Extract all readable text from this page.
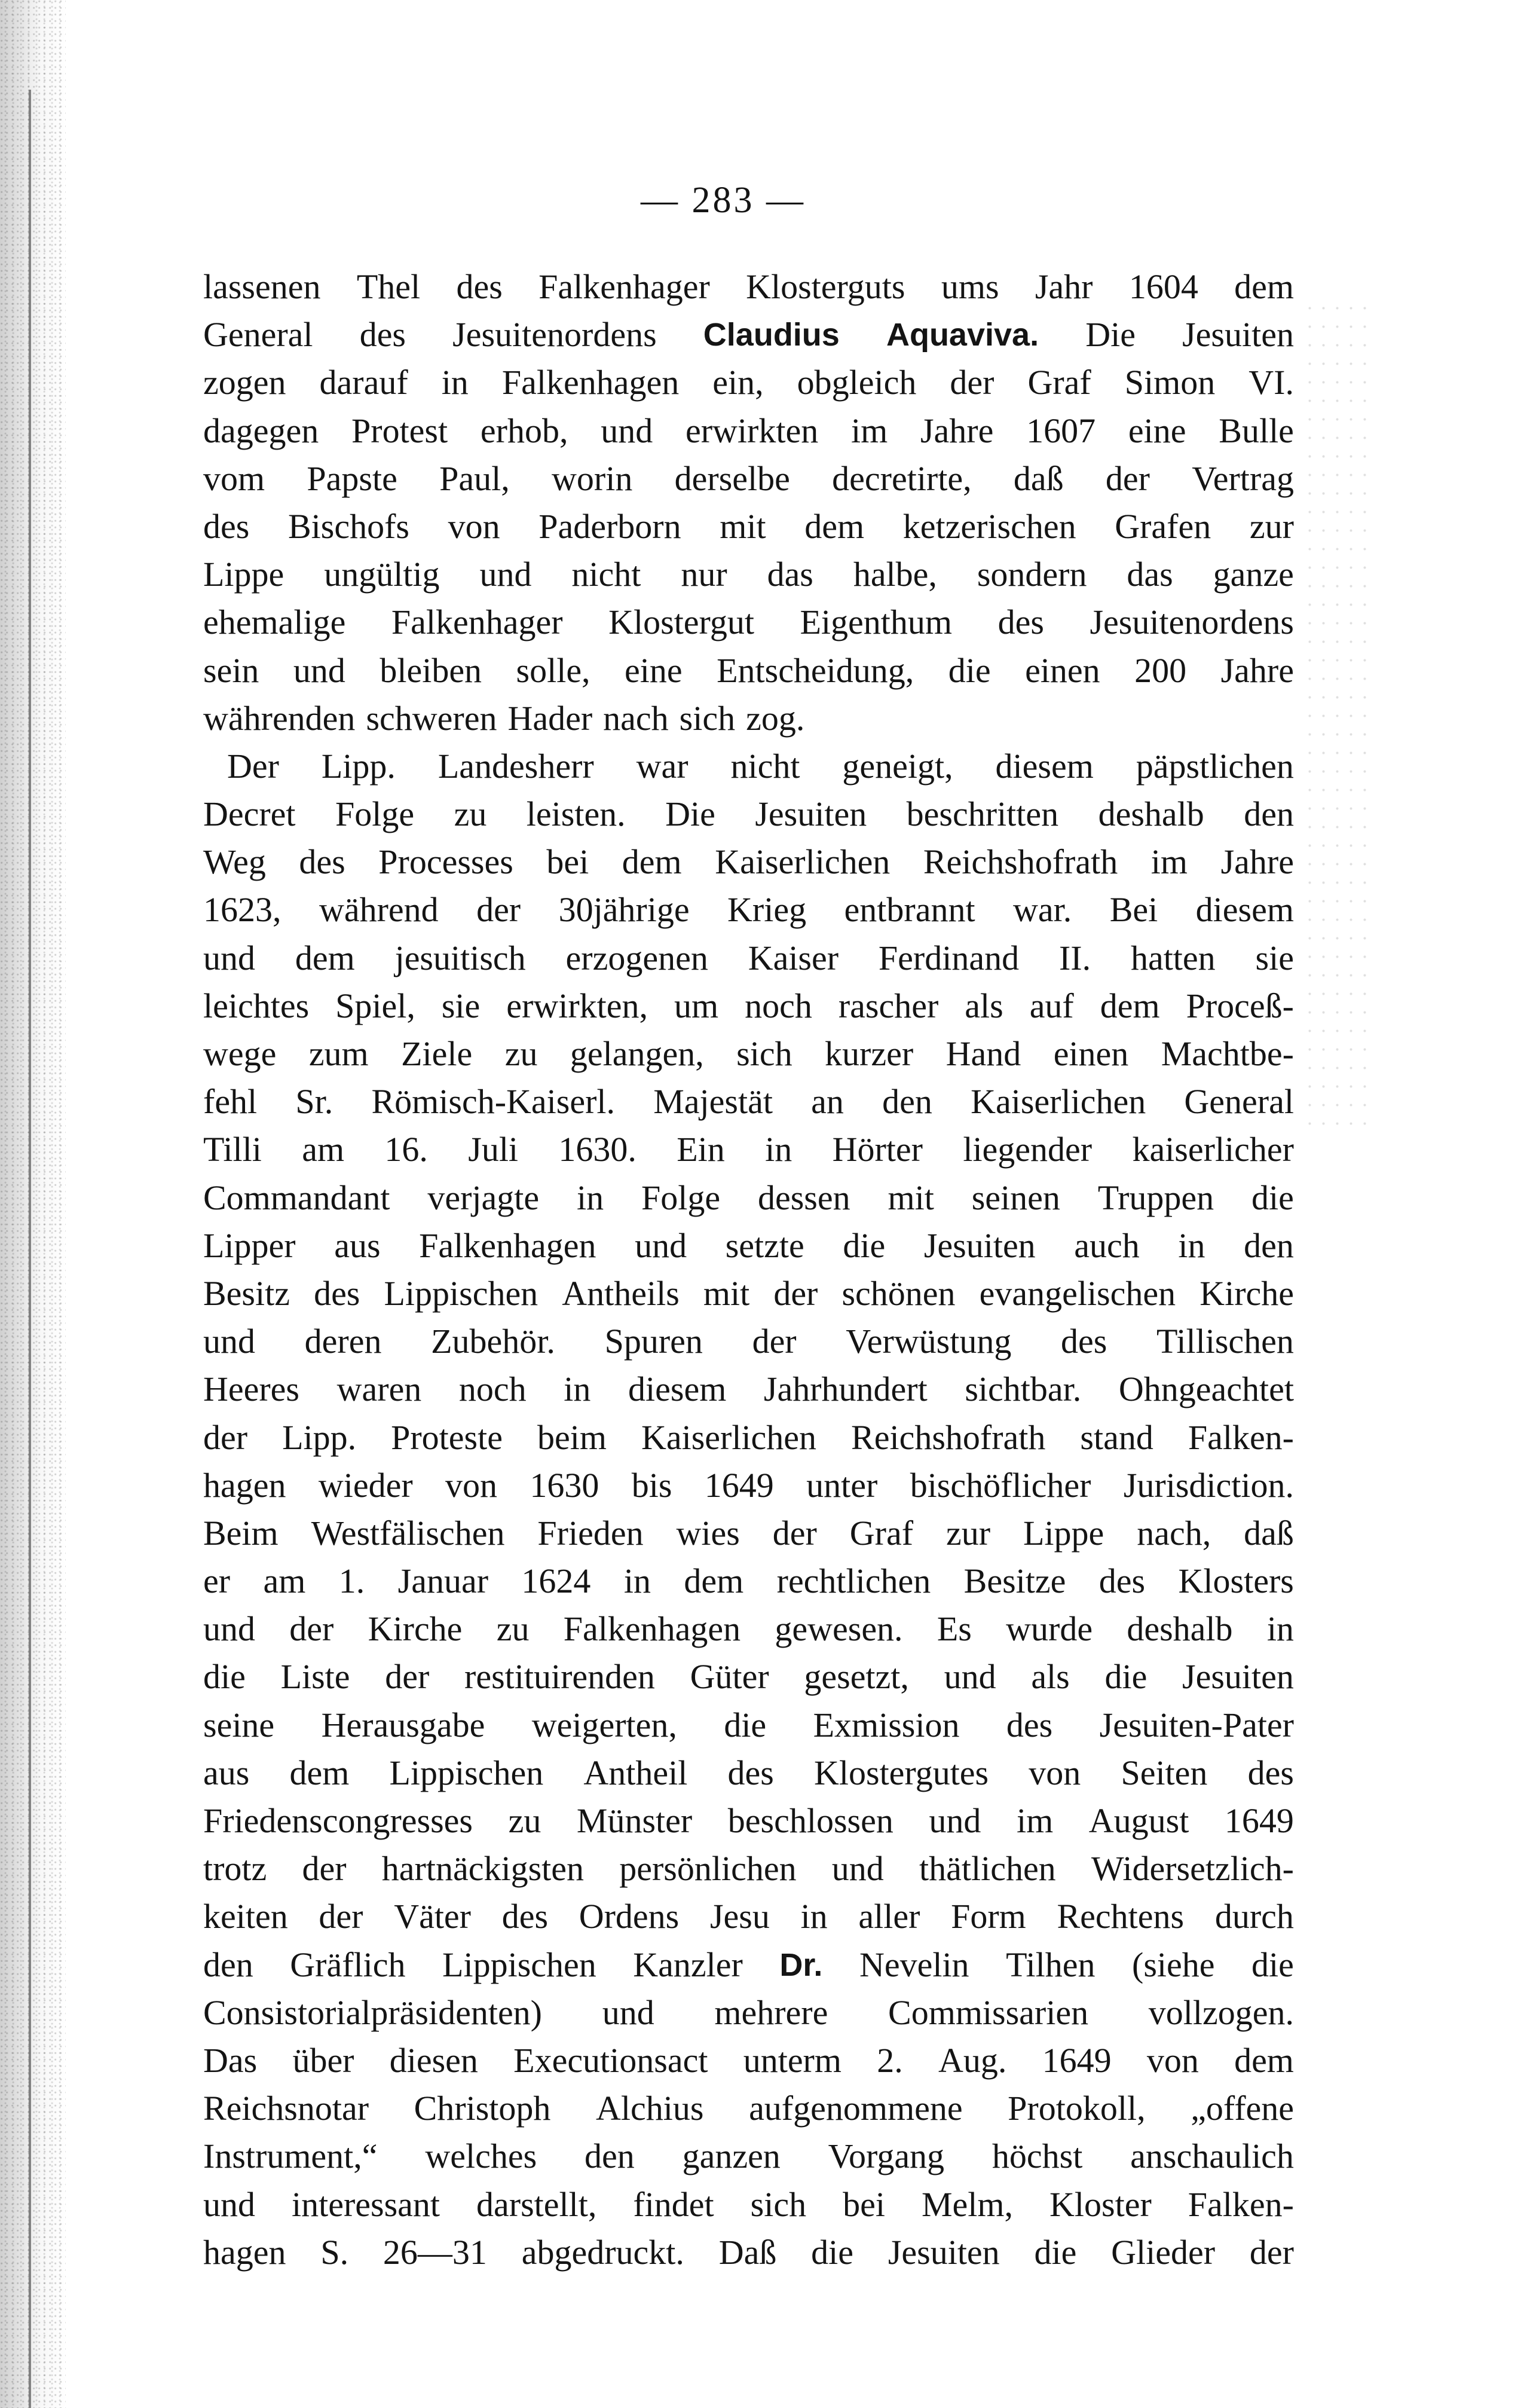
— 283 —
lassenen Thel des Falkenhager Klosterguts ums Jahr 1604 dem
General des Jesuitenordens Claudius Aquaviva. Die Jesuiten
zogen darauf in Falkenhagen ein, obgleich der Graf Simon VI.
dagegen Protest erhob, und erwirkten im Jahre 1607 eine Bulle
vom Papste Paul, worin derselbe decretirte, daß der Vertrag
des Bischofs von Paderborn mit dem ketzerischen Grafen zur
Lippe ungültig und nicht nur das halbe, sondern das ganze
ehemalige Falkenhager Klostergut Eigenthum des Jesuitenordens
sein und bleiben solle, eine Entscheidung, die einen 200 Jahre
währenden schweren Hader nach sich zog.
Der Lipp. Landesherr war nicht geneigt, diesem päpstlichen
Decret Folge zu leisten. Die Jesuiten beschritten deshalb den
Weg des Processes bei dem Kaiserlichen Reichshofrath im Jahre
1623, während der 30jährige Krieg entbrannt war. Bei diesem
und dem jesuitisch erzogenen Kaiser Ferdinand II. hatten sie
leichtes Spiel, sie erwirkten, um noch rascher als auf dem Proceß-
wege zum Ziele zu gelangen, sich kurzer Hand einen Machtbe-
fehl Sr. Römisch-Kaiserl. Majestät an den Kaiserlichen General
Tilli am 16. Juli 1630. Ein in Hörter liegender kaiserlicher
Commandant verjagte in Folge dessen mit seinen Truppen die
Lipper aus Falkenhagen und setzte die Jesuiten auch in den
Besitz des Lippischen Antheils mit der schönen evangelischen Kirche
und deren Zubehör. Spuren der Verwüstung des Tillischen
Heeres waren noch in diesem Jahrhundert sichtbar. Ohngeachtet
der Lipp. Proteste beim Kaiserlichen Reichshofrath stand Falken-
hagen wieder von 1630 bis 1649 unter bischöflicher Jurisdiction.
Beim Westfälischen Frieden wies der Graf zur Lippe nach, daß
er am 1. Januar 1624 in dem rechtlichen Besitze des Klosters
und der Kirche zu Falkenhagen gewesen. Es wurde deshalb in
die Liste der restituirenden Güter gesetzt, und als die Jesuiten
seine Herausgabe weigerten, die Exmission des Jesuiten-Pater
aus dem Lippischen Antheil des Klostergutes von Seiten des
Friedenscongresses zu Münster beschlossen und im August 1649
trotz der hartnäckigsten persönlichen und thätlichen Widersetzlich-
keiten der Väter des Ordens Jesu in aller Form Rechtens durch
den Gräflich Lippischen Kanzler Dr. Nevelin Tilhen (siehe die
Consistorialpräsidenten) und mehrere Commissarien vollzogen.
Das über diesen Executionsact unterm 2. Aug. 1649 von dem
Reichsnotar Christoph Alchius aufgenommene Protokoll, „offene
Instrument,“ welches den ganzen Vorgang höchst anschaulich
und interessant darstellt, findet sich bei Melm, Kloster Falken-
hagen S. 26—31 abgedruckt. Daß die Jesuiten die Glieder der
